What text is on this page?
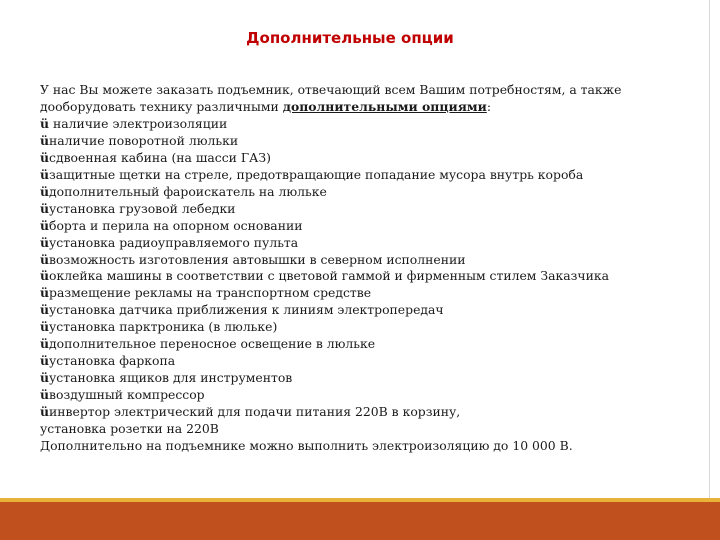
Дополнительные опции
У нас Вы можете заказать подъемник, отвечающий всем Вашим потребностям, а также
дооборудовать технику различными дополнительными опциями:
ü наличие электроизоляции
üналичие поворотной люльки
üсдвоенная кабина (на шасси ГАЗ)
üзащитные щетки на стреле, предотвращающие попадание мусора внутрь короба
üдополнительный фароискатель на люльке
üустановка грузовой лебедки
üборта и перила на опорном основании
üустановка радиоуправляемого пульта
üвозможность изготовления автовышки в северном исполнении
üоклейка машины в соответствии с цветовой гаммой и фирменным стилем Заказчика
üразмещение рекламы на транспортном средстве
üустановка датчика приближения к линиям электропередач
üустановка парктроника (в люльке)
üдополнительное переносное освещение в люльке
üустановка фаркопа
üустановка ящиков для инструментов
üвоздушный компрессор
üинвертор электрический для подачи питания 220В в корзину,
установка розетки на 220В
Дополнительно на подъемнике можно выполнить электроизоляцию до 10 000 В.
